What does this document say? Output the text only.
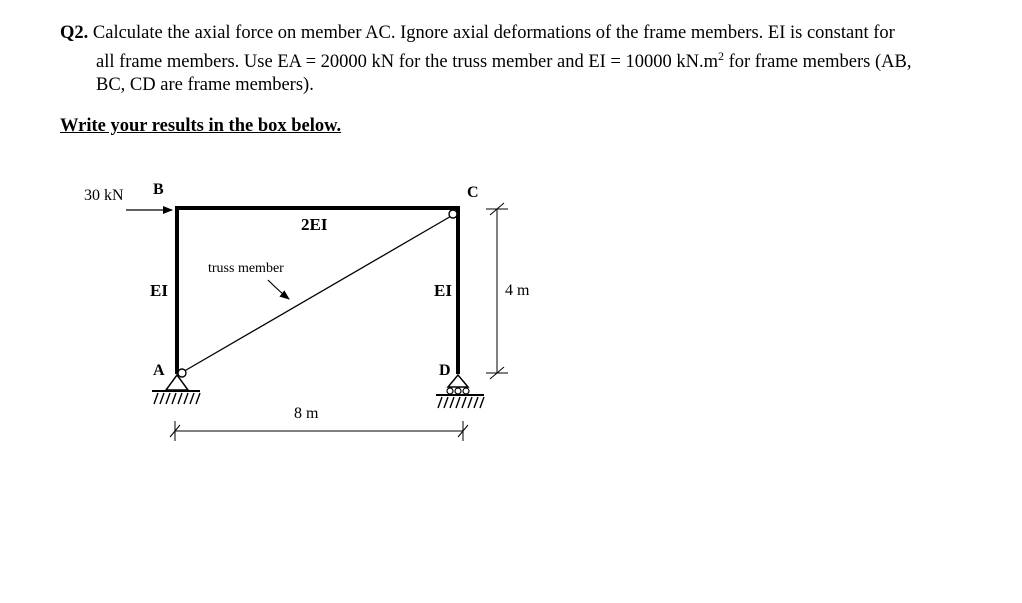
Q2. Calculate the axial force on member AC. Ignore axial deformations of the frame members. EI is constant for
all frame members. Use EA = 20000 kN for the truss member and EI = 10000 $kN.m^2$ for frame members (AB,
BC, CD are frame members).
Write your results in the box below.
30 kN B	C
A	D
EI
2EI
EI
truss member
8 m
4 m
